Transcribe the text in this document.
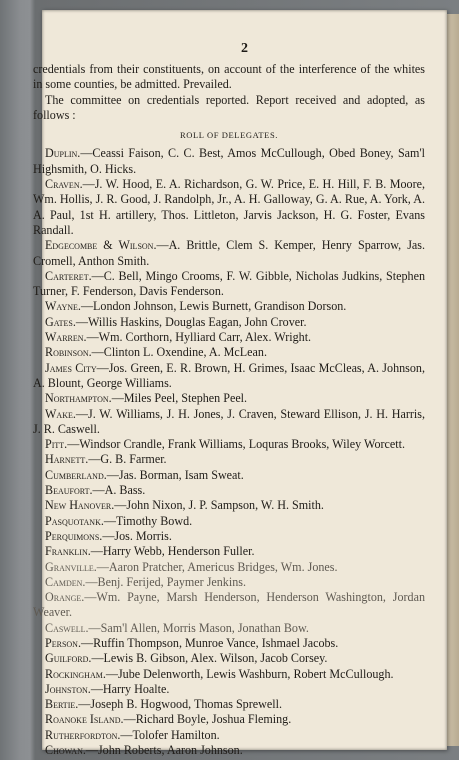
2

credentials from their constituents, on account of the interference of the whites in some counties, be admitted. Prevailed.

The committee on credentials reported. Report received and adopted, as follows :

ROLL OF DELEGATES.

Duplin.—Ceassi Faison, C. C. Best, Amos McCullough, Obed Boney, Sam'l Highsmith, O. Hicks.

Craven.—J. W. Hood, E. A. Richardson, G. W. Price, E. H. Hill, F. B. Moore, Wm. Hollis, J. R. Good, J. Randolph, Jr., A. H. Galloway, G. A. Rue, A. York, A. A. Paul, 1st H. artillery, Thos. Littleton, Jarvis Jackson, H. G. Foster, Evans Randall.

Edgecombe & Wilson.—A. Brittle, Clem S. Kemper, Henry Sparrow, Jas. Cromell, Anthon Smith.

Carteret.—C. Bell, Mingo Crooms, F. W. Gibble, Nicholas Judkins, Stephen Turner, F. Fenderson, Davis Fenderson.

Wayne.—London Johnson, Lewis Burnett, Grandison Dorson.

Gates.—Willis Haskins, Douglas Eagan, John Crover.

Warren.—Wm. Corthorn, Hylliard Carr, Alex. Wright.

Robinson.—Clinton L. Oxendine, A. McLean.

James City—Jos. Green, E. R. Brown, H. Grimes, Isaac McCleas, A. Johnson, A. Blount, George Williams.

Northampton.—Miles Peel, Stephen Peel.

Wake.—J. W. Williams, J. H. Jones, J. Craven, Steward Ellison, J. H. Harris, J. R. Caswell.

Pitt.—Windsor Crandle, Frank Williams, Loquras Brooks, Wiley Worcett.

Harnett.—G. B. Farmer.

Cumberland.—Jas. Borman, Isam Sweat.

Beaufort.—A. Bass.

New Hanover.—John Nixon, J. P. Sampson, W. H. Smith.

Pasquotank.—Timothy Bowd.

Perquimons.—Jos. Morris.

Franklin.—Harry Webb, Henderson Fuller.

Granville.—Aaron Pratcher, Americus Bridges, Wm. Jones.

Camden.—Benj. Ferijed, Paymer Jenkins.

Orange.—Wm. Payne, Marsh Henderson, Henderson Washington, Jordan Weaver.

Caswell.—Sam'l Allen, Morris Mason, Jonathan Bow.

Person.—Ruffin Thompson, Munroe Vance, Ishmael Jacobs.

Guilford.—Lewis B. Gibson, Alex. Wilson, Jacob Corsey.

Rockingham.—Jube Delenworth, Lewis Washburn, Robert McCullough.

Johnston.—Harry Hoalte.

Bertie.—Joseph B. Hogwood, Thomas Sprewell.

Roanoke Island.—Richard Boyle, Joshua Fleming.

Rutherfordton.—Tolofer Hamilton.

Chowan.—John Roberts, Aaron Johnson.
